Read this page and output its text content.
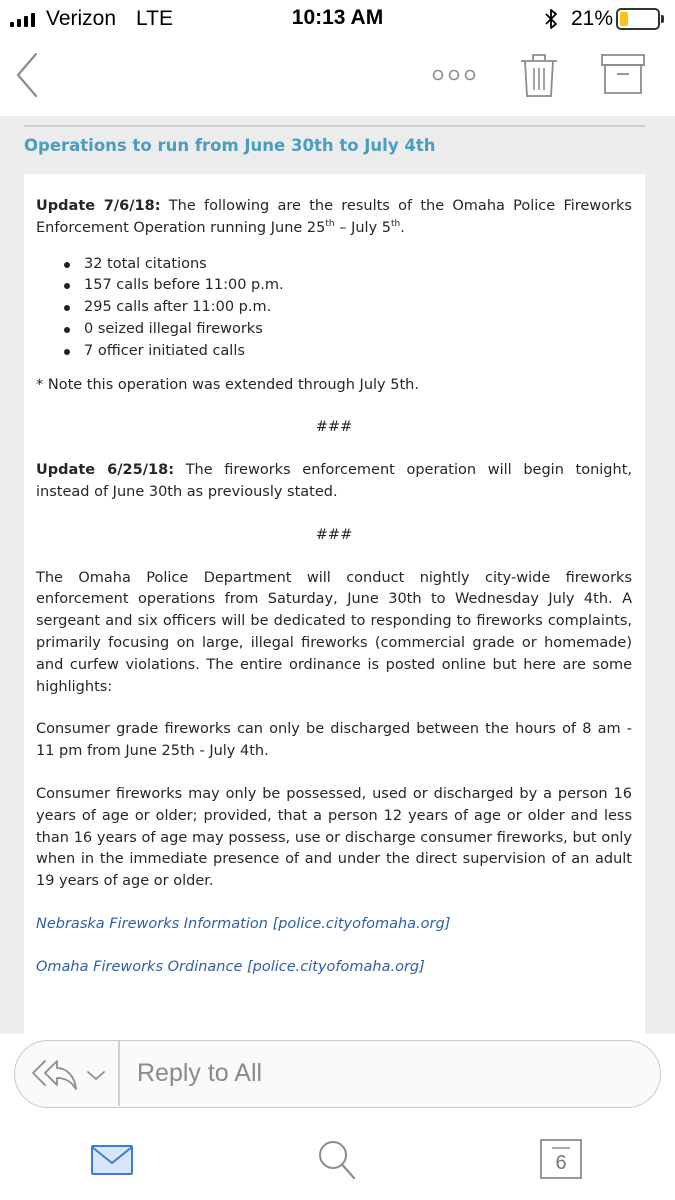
Verizon LTE	10:13 AM	21%
Operations to run from June 30th to July 4th

Update 7/6/18: The following are the results of the Omaha Police Fireworks Enforcement Operation running June 25th – July 5th.

32 total citations
157 calls before 11:00 p.m.
295 calls after 11:00 p.m.
0 seized illegal fireworks
7 officer initiated calls

* Note this operation was extended through July 5th.

###

Update 6/25/18: The fireworks enforcement operation will begin tonight, instead of June 30th as previously stated.

###

The Omaha Police Department will conduct nightly city-wide fireworks enforcement operations from Saturday, June 30th to Wednesday July 4th. A sergeant and six officers will be dedicated to responding to fireworks complaints, primarily focusing on large, illegal fireworks (commercial grade or homemade) and curfew violations. The entire ordinance is posted online but here are some highlights:

Consumer grade fireworks can only be discharged between the hours of 8 am - 11 pm from June 25th - July 4th.

Consumer fireworks may only be possessed, used or discharged by a person 16 years of age or older; provided, that a person 12 years of age or older and less than 16 years of age may possess, use or discharge consumer fireworks, but only when in the immediate presence of and under the direct supervision of an adult 19 years of age or older.

Nebraska Fireworks Information [police.cityofomaha.org]
Omaha Fireworks Ordinance [police.cityofomaha.org]
Reply to All
6
